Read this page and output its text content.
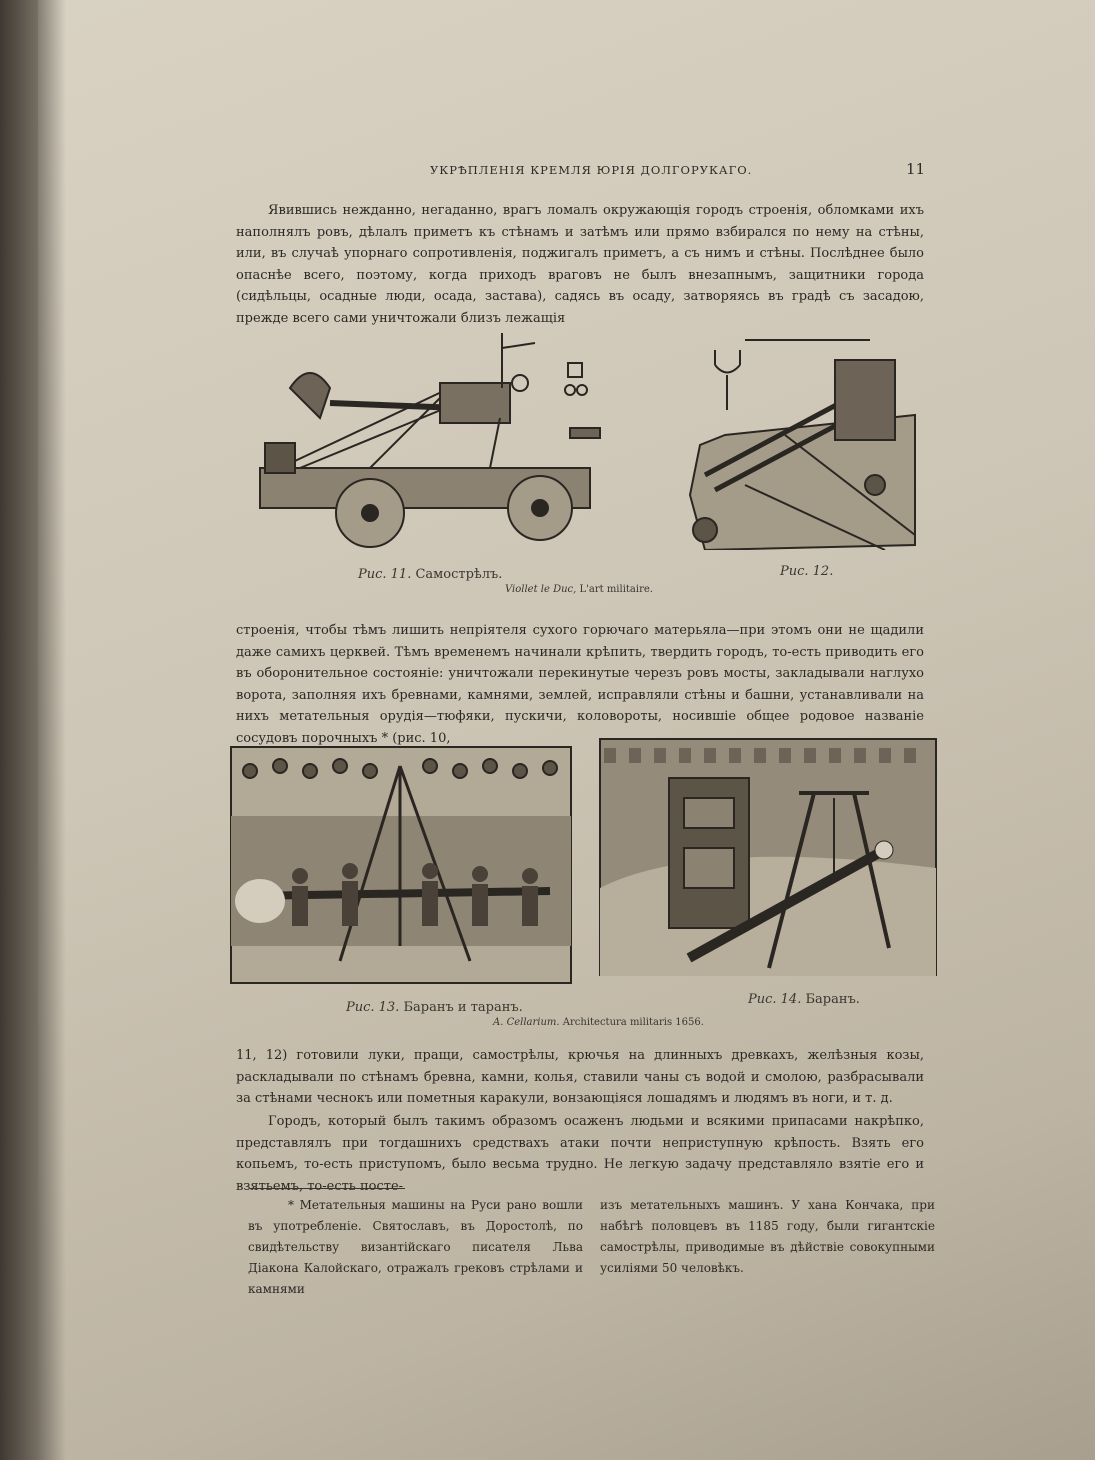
УКРѢПЛЕНІЯ КРЕМЛЯ ЮРІЯ ДОЛГОРУКАГО.	11
Явившись нежданно, негаданно, врагъ ломалъ окружающія городъ строенія, обломками ихъ наполнялъ ровъ, дѣлалъ приметъ къ стѣнамъ и затѣмъ или прямо взбирался по нему на стѣны, или, въ случаѣ упорнаго сопротивленія, поджигалъ приметъ, а съ нимъ и стѣны. Послѣднее было опаснѣе всего, поэтому, когда приходъ враговъ не былъ внезапнымъ, защитники города (сидѣльцы, осадные люди, осада, застава), садясь въ осаду, затворяясь въ градѣ съ засадою, прежде всего сами уничтожали близъ лежащія
Рис. 11. Самострѣлъ.	Рис. 12.
Viollet le Duc, L'art militaire.
строенія, чтобы тѣмъ лишить непріятеля сухого горючаго матерьяла—при этомъ они не щадили даже самихъ церквей. Тѣмъ временемъ начинали крѣпить, твердить городъ, то-есть приводить его въ оборонительное состояніе: уничтожали перекинутые черезъ ровъ мосты, закладывали наглухо ворота, заполняя ихъ бревнами, камнями, землей, исправляли стѣны и башни, устанавливали на нихъ метательныя орудія—тюфяки, пускичи, коловороты, носившіе общее родовое названіе сосудовъ порочныхъ * (рис. 10,
Рис. 13. Баранъ и таранъ.
Рис. 14. Баранъ.
A. Cellarium. Architectura militaris 1656.
11, 12) готовили луки, пращи, самострѣлы, крючья на длинныхъ древкахъ, желѣзныя козы, раскладывали по стѣнамъ бревна, камни, колья, ставили чаны съ водой и смолою, разбрасывали за стѣнами чеснокъ или пометныя каракули, вонзающіяся лошадямъ и людямъ въ ноги, и т. д.
Городъ, который былъ такимъ образомъ осаженъ людьми и всякими припасами накрѣпко, представлялъ при тогдашнихъ средствахъ атаки почти неприступную крѣпость. Взять его копьемъ, то-есть приступомъ, было весьма трудно. Не легкую задачу представляло взятіе его и взятьемъ, то-есть посте-
* Метательныя машины на Руси рано вошли въ употребленіе. Святославъ, въ Доростолѣ, по свидѣтельству византійскаго писателя Льва Діакона Калойскаго, отражалъ грековъ стрѣлами и камнями
изъ метательныхъ машинъ. У хана Кончака, при набѣгѣ половцевъ въ 1185 году, были гигантскіе самострѣлы, приводимые въ дѣйствіе совокупными усиліями 50 человѣкъ.
